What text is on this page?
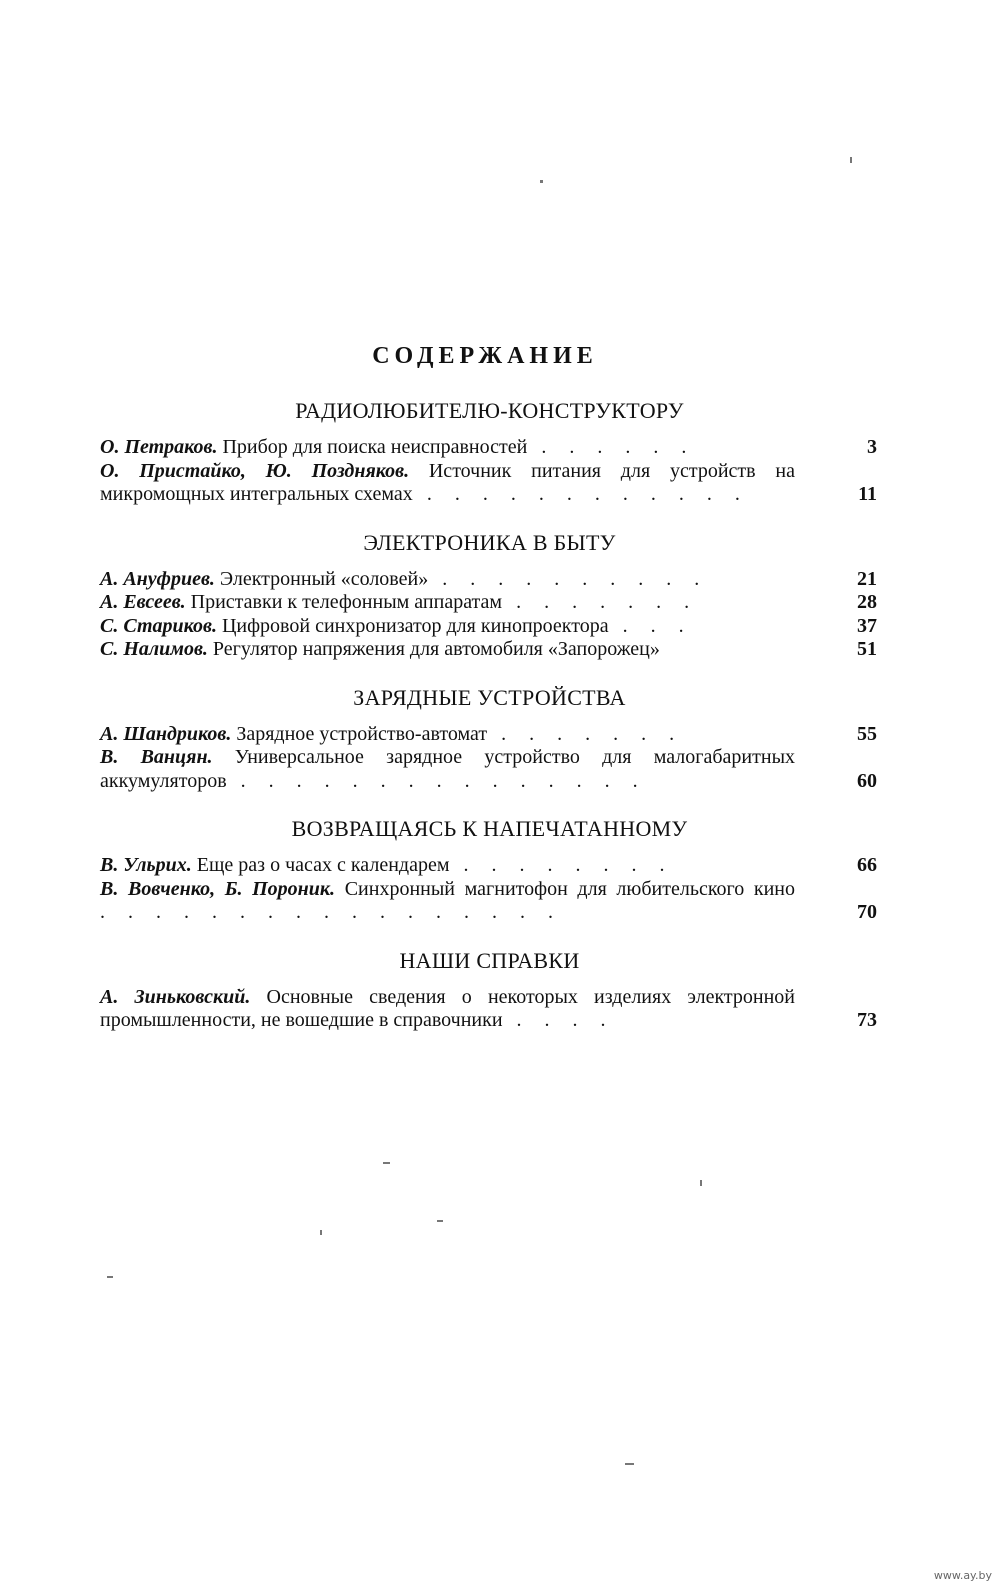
СОДЕРЖАНИЕ
РАДИОЛЮБИТЕЛЮ-КОНСТРУКТОРУ
О. Петраков. Прибор для поиска неисправностей . . . . . .	3
О. Пристайко, Ю. Поздняков. Источник питания для устройств на микромощных интегральных схемах . . . . . . . . . . . .	11
ЭЛЕКТРОНИКА В БЫТУ
А. Ануфриев. Электронный «соловей» . . . . . . . . . .	21
А. Евсеев. Приставки к телефонным аппаратам . . . . . . .	28
С. Стариков. Цифровой синхронизатор для кинопроектора . . .	37
С. Налимов. Регулятор напряжения для автомобиля «Запорожец»	51
ЗАРЯДНЫЕ УСТРОЙСТВА
А. Шандриков. Зарядное устройство-автомат . . . . . . .	55
В. Ванцян. Универсальное зарядное устройство для малогабаритных аккумуляторов . . . . . . . . . . . . . . .	60
ВОЗВРАЩАЯСЬ К НАПЕЧАТАННОМУ
В. Ульрих. Еще раз о часах с календарем . . . . . . . .	66
В. Вовченко, Б. Пороник. Синхронный магнитофон для любительского кино . . . . . . . . . . . . . . . . .	70
НАШИ СПРАВКИ
А. Зиньковский. Основные сведения о некоторых изделиях электронной промышленности, не вошедшие в справочники . . . .	73
www.ay.by
